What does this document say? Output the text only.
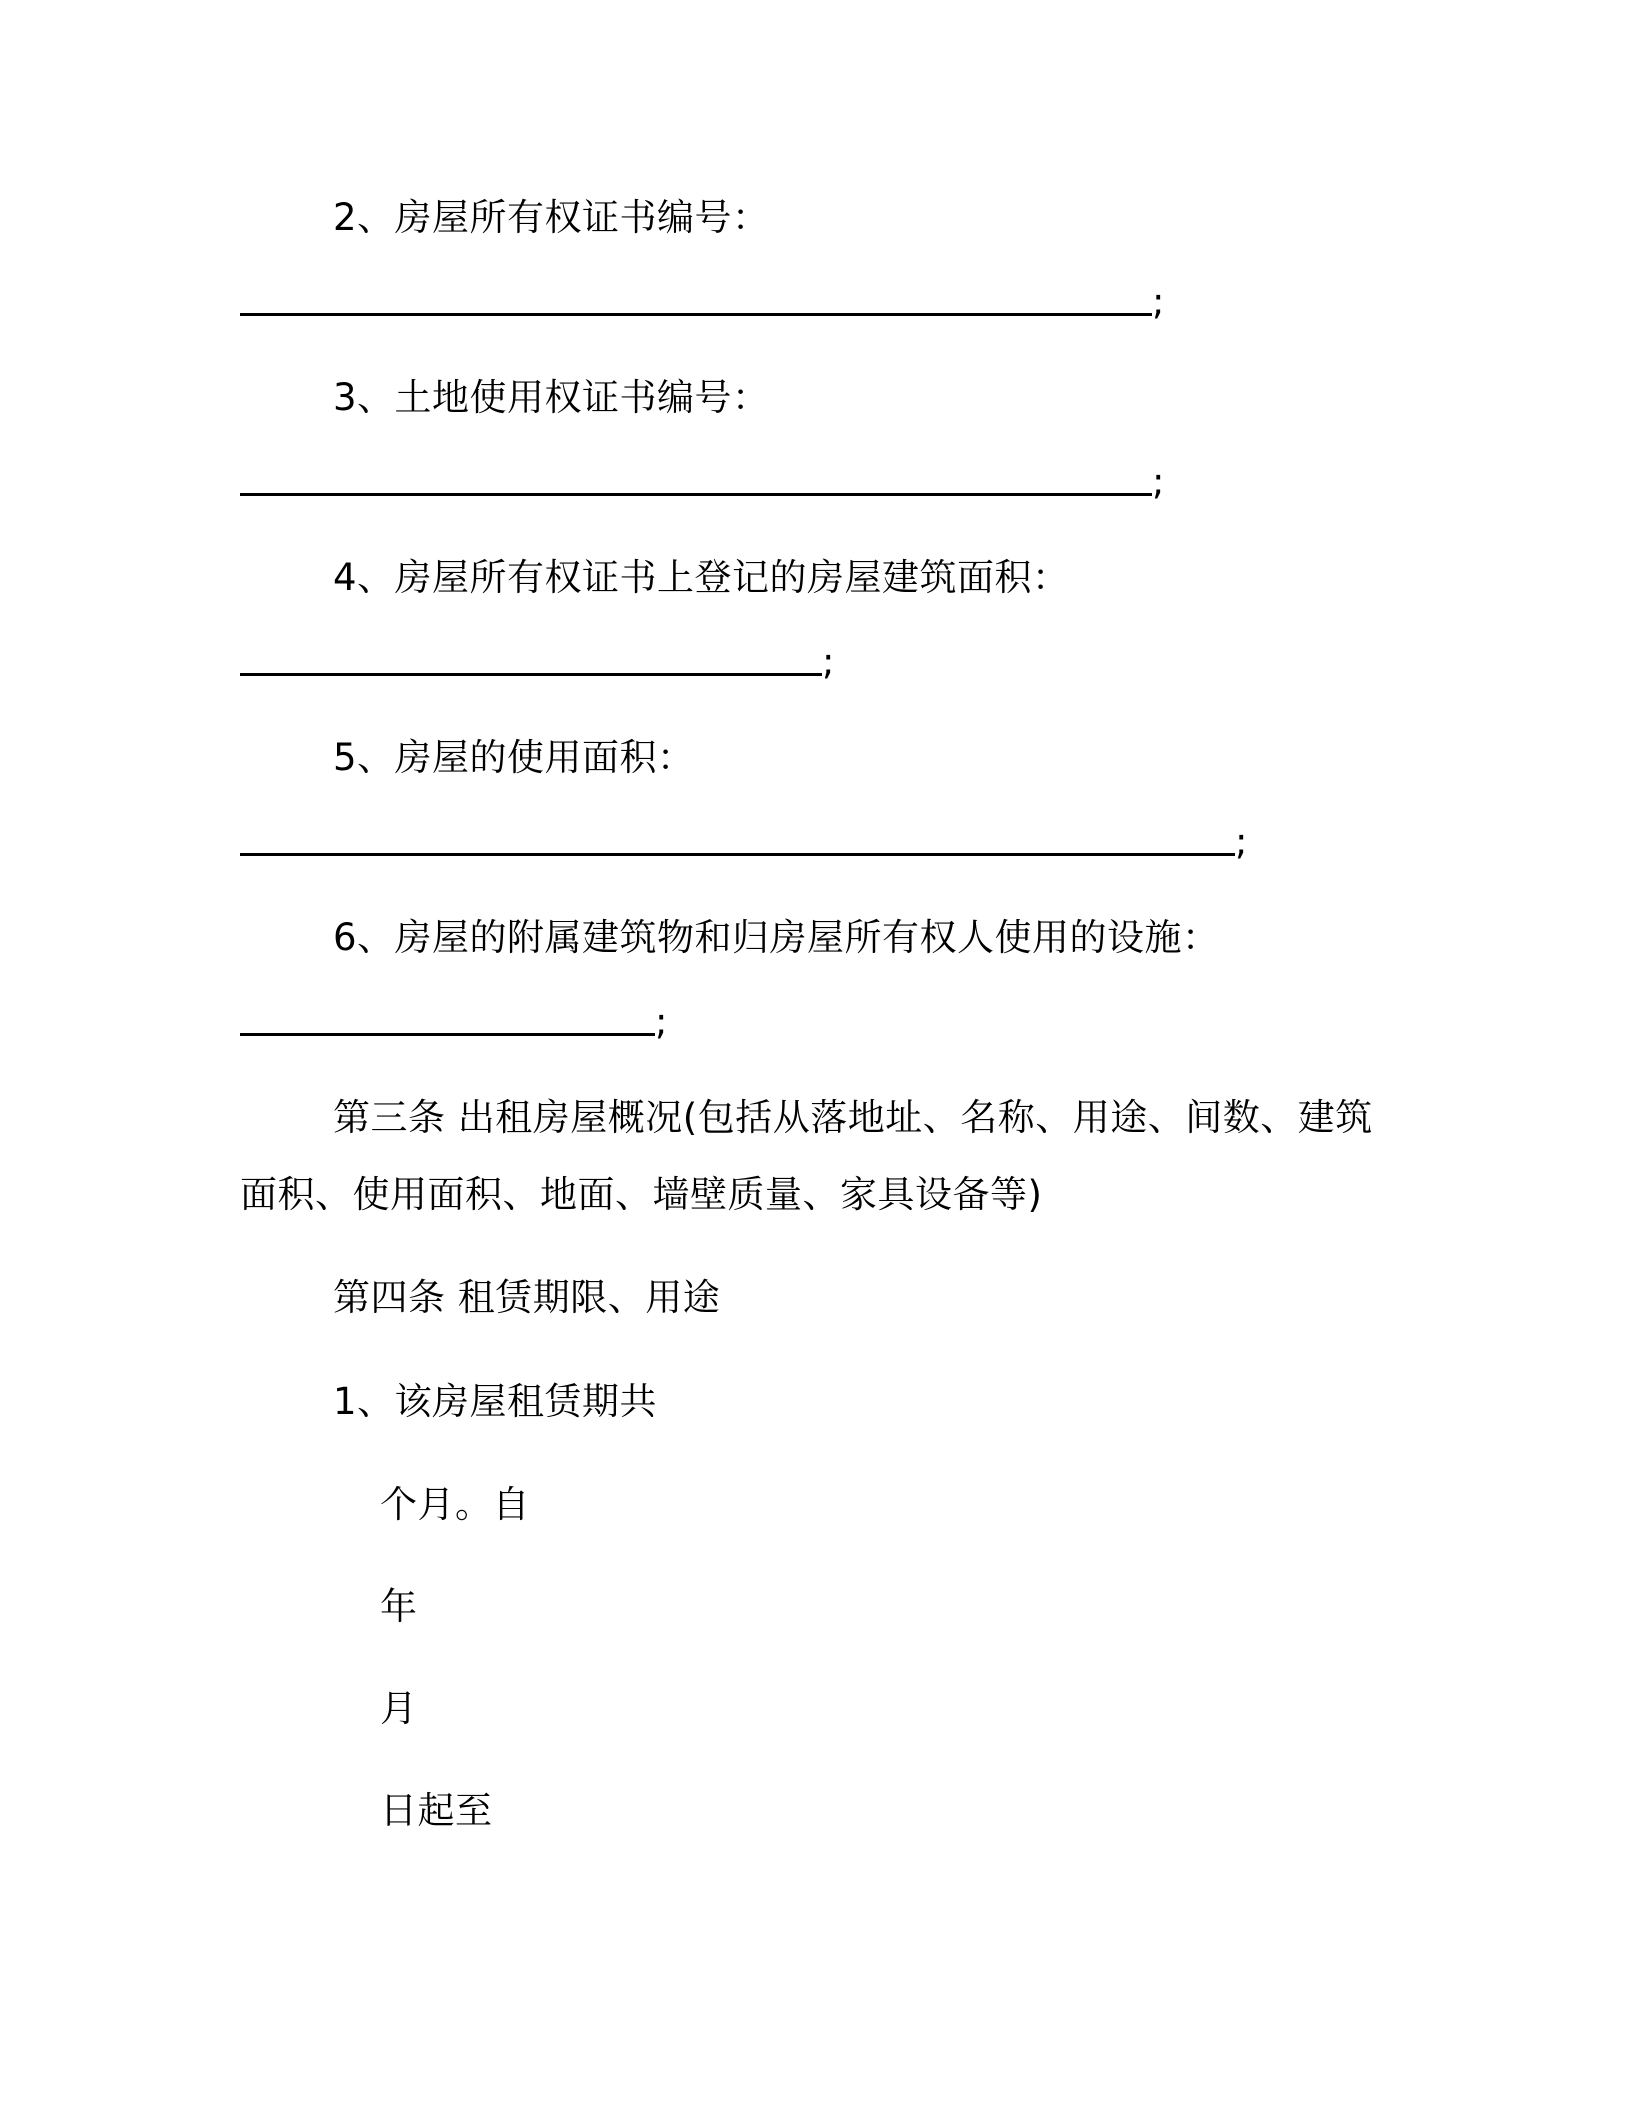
2、房屋所有权证书编号：
;
3、土地使用权证书编号：
;
4、房屋所有权证书上登记的房屋建筑面积：
;
5、房屋的使用面积：
;
6、房屋的附属建筑物和归房屋所有权人使用的设施：
;
第三条 出租房屋概况(包括从落地址、名称、用途、间数、建筑
面积、使用面积、地面、墙壁质量、家具设备等)
第四条 租赁期限、用途
1、该房屋租赁期共
个月。自
年
月
日起至
